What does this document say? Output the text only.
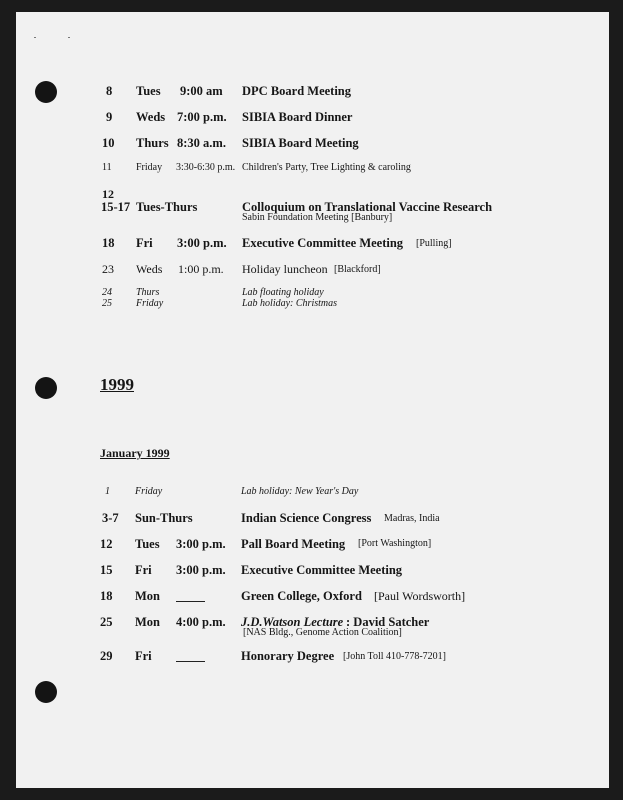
8 Tues 9:00 am DPC Board Meeting
9 Weds 7:00 p.m. SIBIA Board Dinner
10 Thurs 8:30 a.m. SIBIA Board Meeting
11 Friday 3:30-6:30 p.m. Children's Party, Tree Lighting & caroling
12
15-17 Tues-Thurs	Colloquium on Translational Vaccine Research
Sabin Foundation Meeting [Banbury]
18 Fri 3:00 p.m. Executive Committee Meeting [Pulling]
23 Weds 1:00 p.m. Holiday luncheon [Blackford]
24 Thurs	Lab floating holiday
25 Friday	Lab holiday: Christmas
1999
January 1999
1	Friday	Lab holiday: New Year's Day
3-7 Sun-Thurs	Indian Science Congress Madras, India
12 Tues 3:00 p.m. Pall Board Meeting [Port Washington]
15 Fri 3:00 p.m. Executive Committee Meeting
18 Mon	Green College, Oxford [Paul Wordsworth]
25 Mon 4:00 p.m. J.D.Watson Lecture : David Satcher
[NAS Bldg., Genome Action Coalition]
29 Fri	Honorary Degree [John Toll 410-778-7201]
